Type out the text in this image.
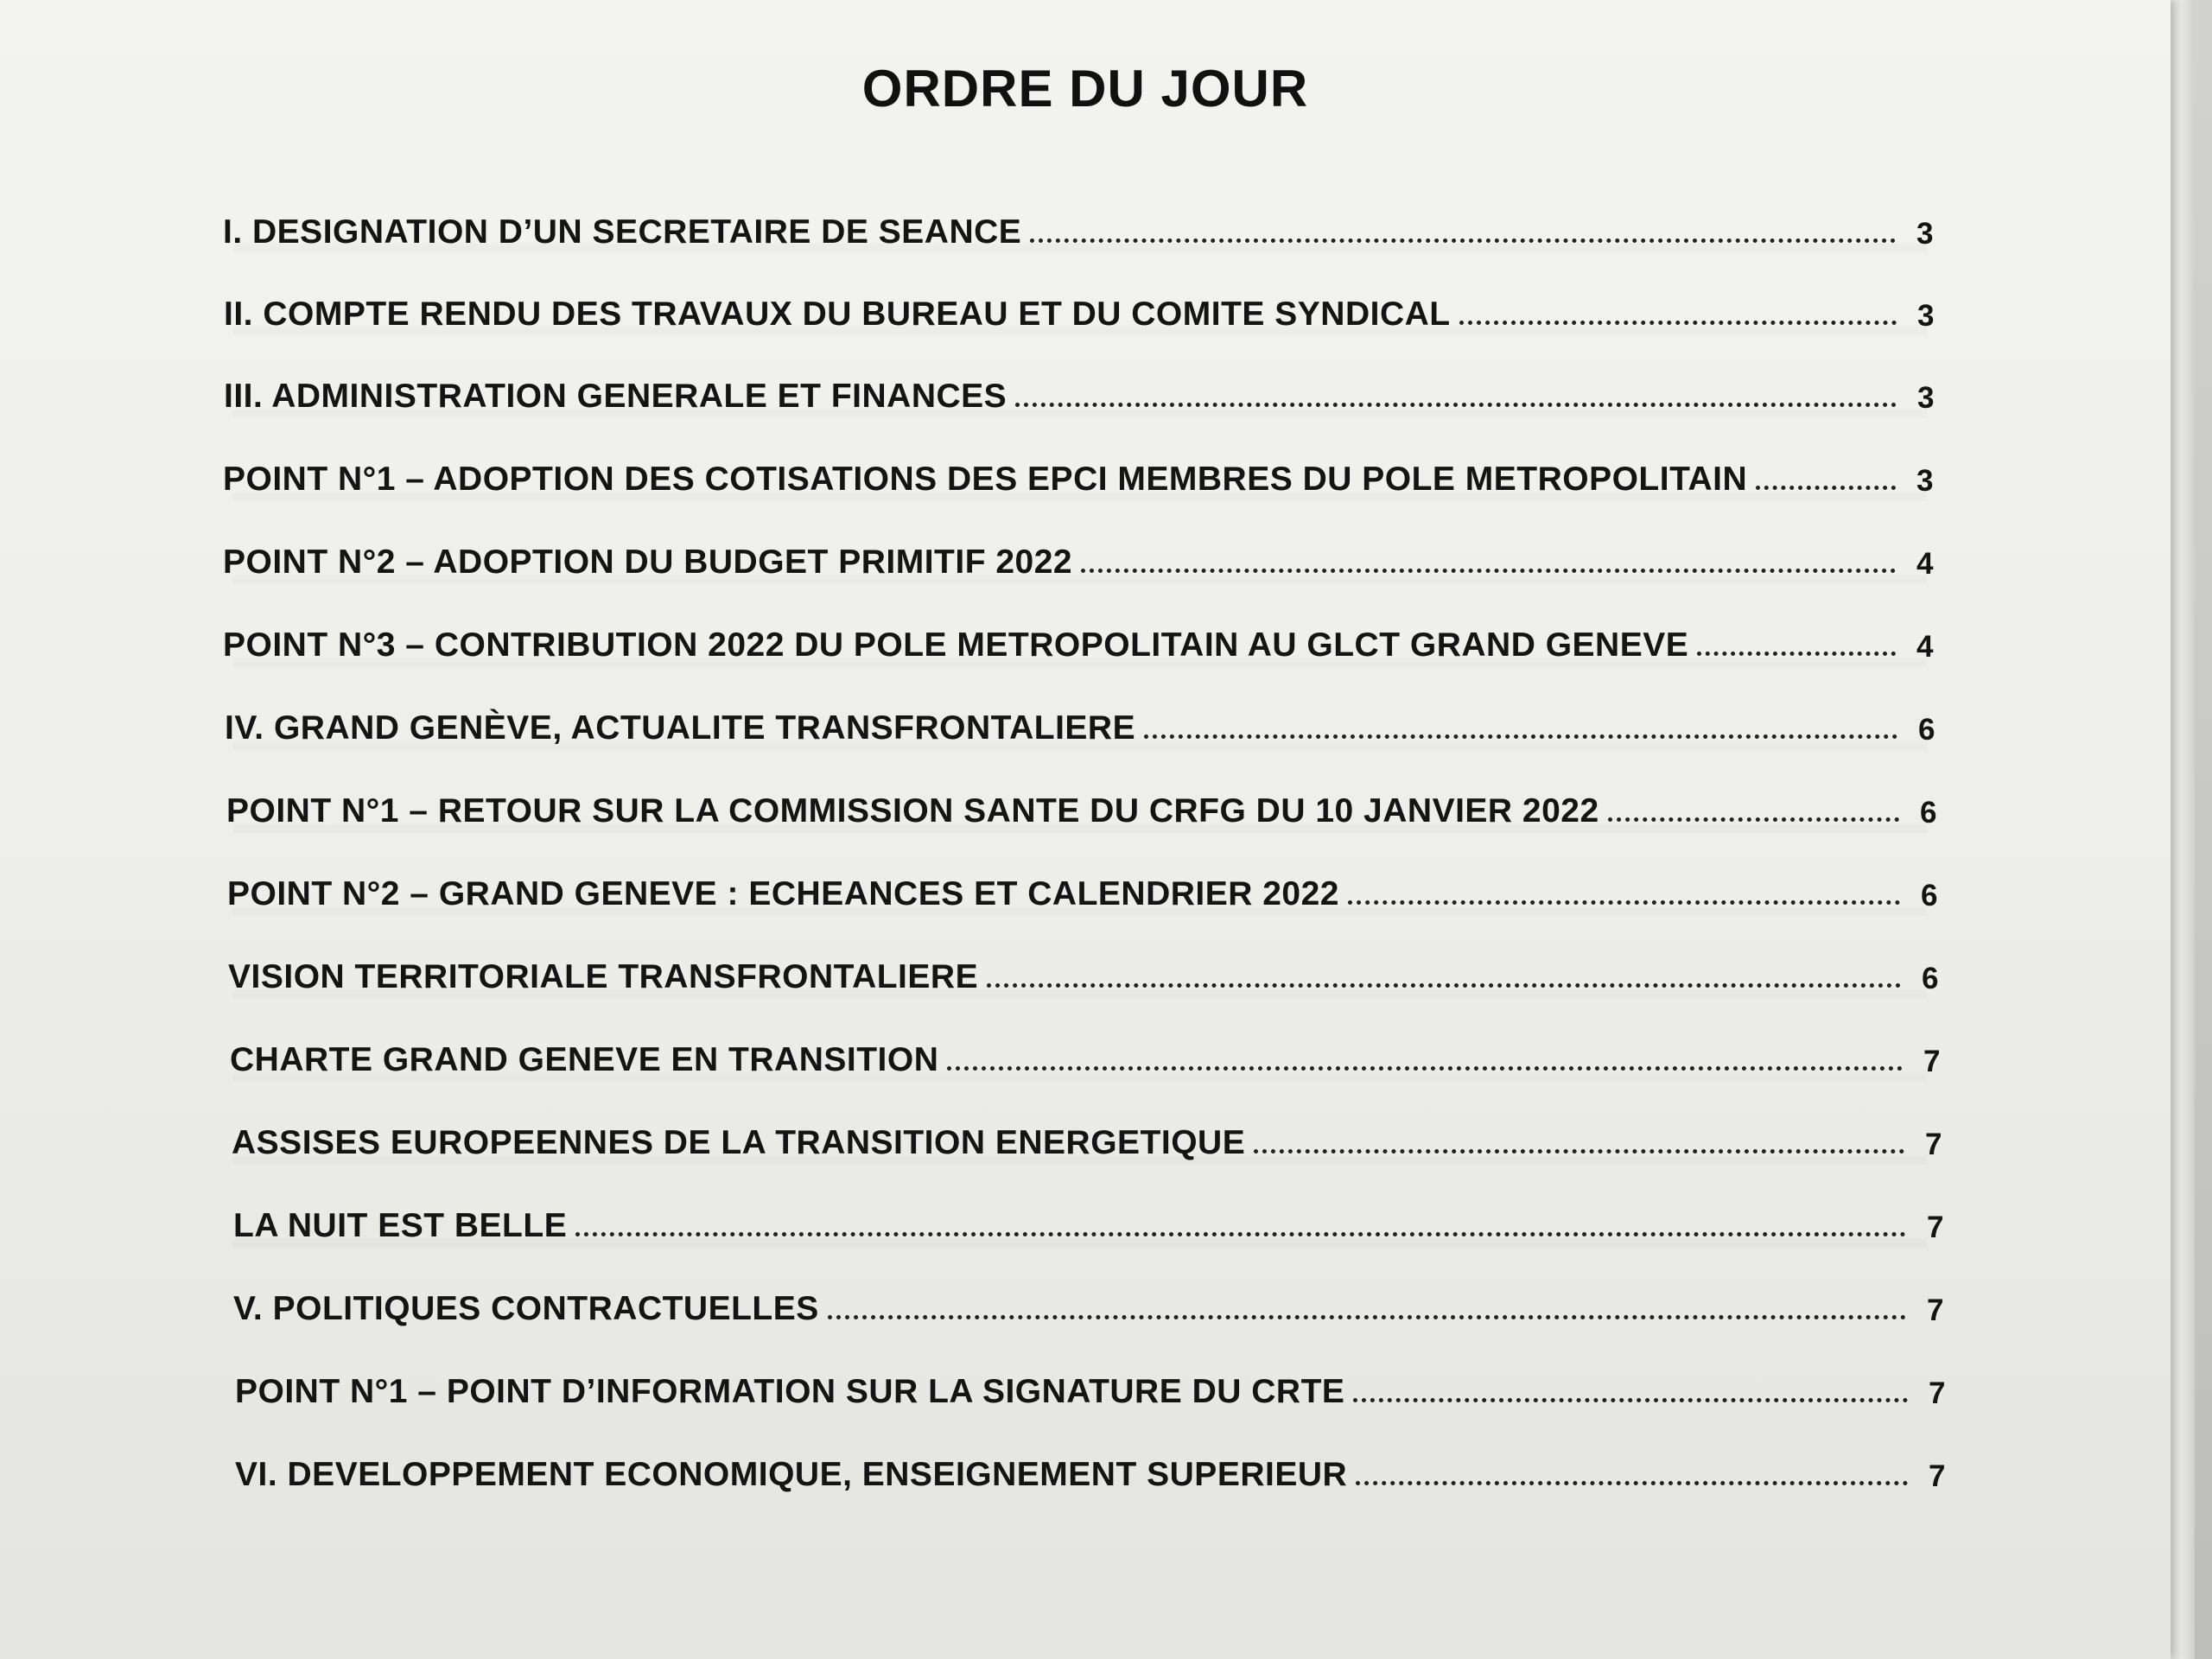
ORDRE DU JOUR
I. DESIGNATION D’UN SECRETAIRE DE SEANCE	3
II. COMPTE RENDU DES TRAVAUX DU BUREAU ET DU COMITE SYNDICAL	3
III. ADMINISTRATION GENERALE ET FINANCES	3
POINT N°1 – ADOPTION DES COTISATIONS DES EPCI MEMBRES DU POLE METROPOLITAIN	3
POINT N°2 – ADOPTION DU BUDGET PRIMITIF 2022	4
POINT N°3 – CONTRIBUTION 2022 DU POLE METROPOLITAIN AU GLCT GRAND GENEVE	4
IV. GRAND GENÈVE, ACTUALITE TRANSFRONTALIERE	6
POINT N°1 – RETOUR SUR LA COMMISSION SANTE DU CRFG DU 10 JANVIER 2022	6
POINT N°2 – GRAND GENEVE : ECHEANCES ET CALENDRIER 2022	6
VISION TERRITORIALE TRANSFRONTALIERE	6
CHARTE GRAND GENEVE EN TRANSITION	7
ASSISES EUROPEENNES DE LA TRANSITION ENERGETIQUE	7
LA NUIT EST BELLE	7
V. POLITIQUES CONTRACTUELLES	7
POINT N°1 – POINT D’INFORMATION SUR LA SIGNATURE DU CRTE	7
VI. DEVELOPPEMENT ECONOMIQUE, ENSEIGNEMENT SUPERIEUR	7
